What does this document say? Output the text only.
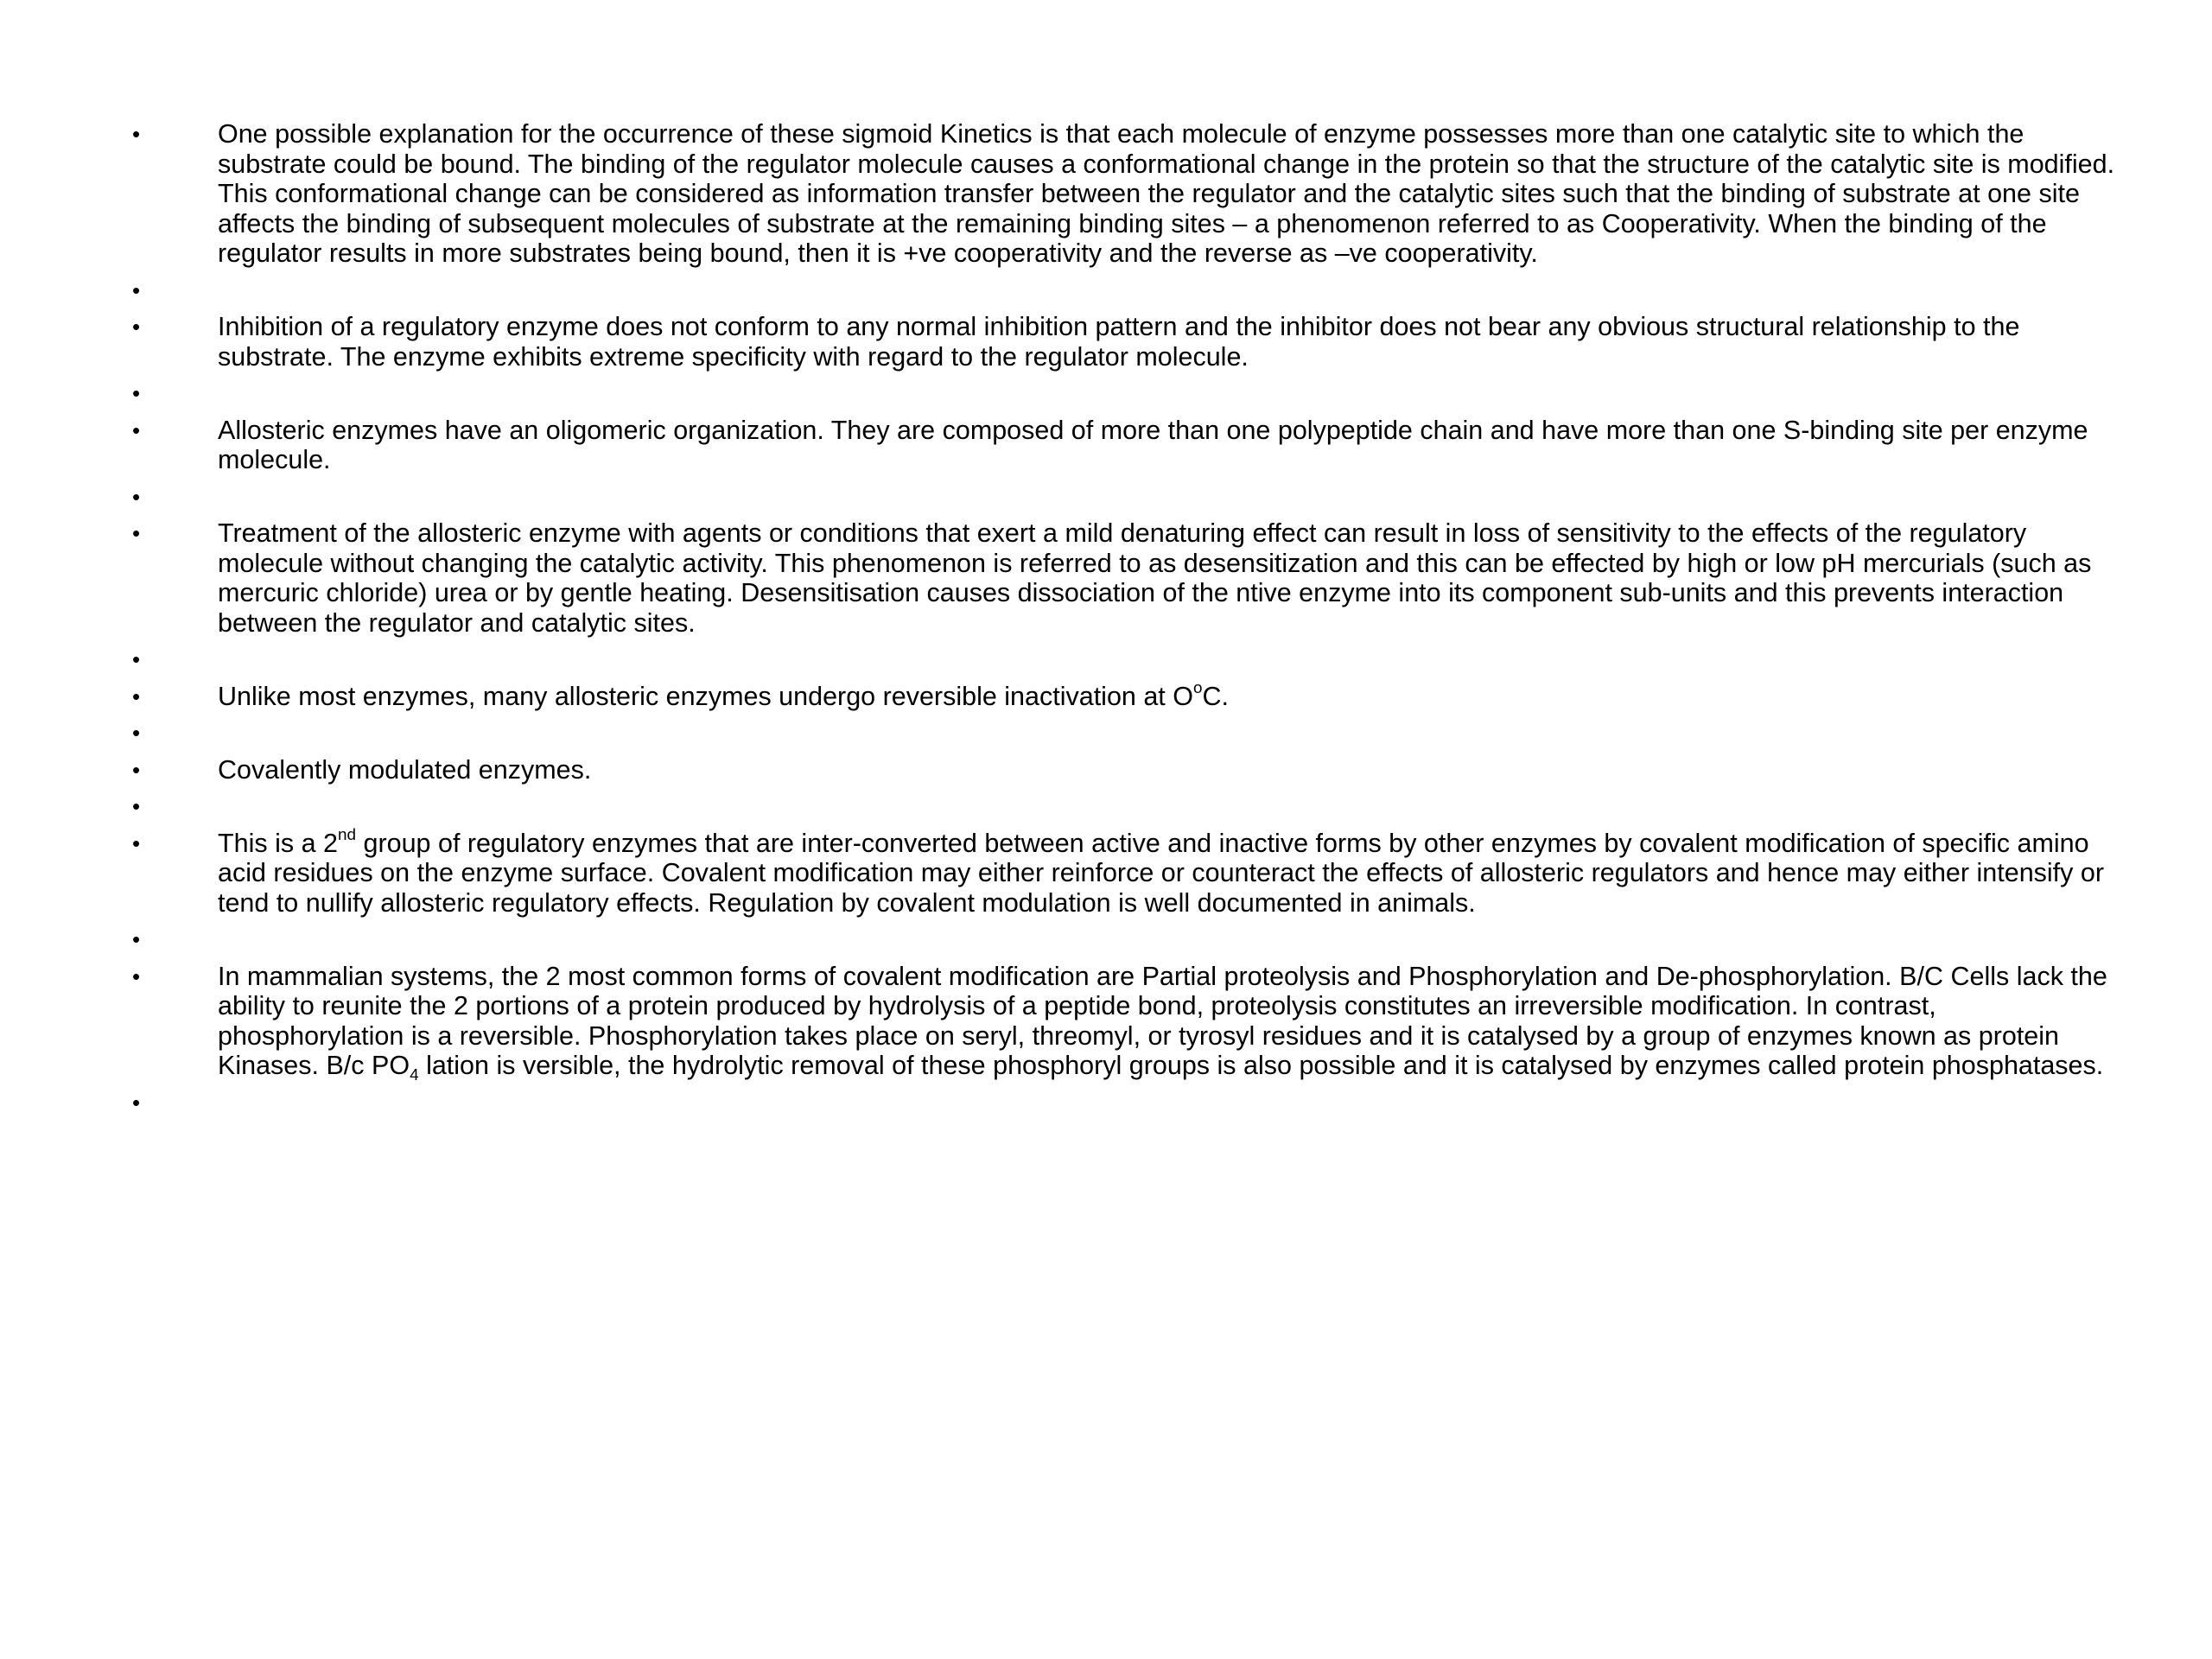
•	One possible explanation for the occurrence of these sigmoid Kinetics is that each molecule of enzyme possesses more than one catalytic site to which the substrate could be bound. The binding of the regulator molecule causes a conformational change in the protein so that the structure of the catalytic site is modified. This conformational change can be considered as information transfer between the regulator and the catalytic sites such that the binding of substrate at one site affects the binding of subsequent molecules of substrate at the remaining binding sites – a phenomenon referred to as Cooperativity. When the binding of the regulator results in more substrates being bound, then it is +ve cooperativity and the reverse as –ve cooperativity.
•
•	Inhibition of a regulatory enzyme does not conform to any normal inhibition pattern and the inhibitor does not bear any obvious structural relationship to the substrate. The enzyme exhibits extreme specificity with regard to the regulator molecule.
•
•	Allosteric enzymes have an oligomeric organization. They are composed of more than one polypeptide chain and have more than one S-binding site per enzyme molecule.
•
•	Treatment of the allosteric enzyme with agents or conditions that exert a mild denaturing effect can result in loss of sensitivity to the effects of the regulatory molecule without changing the catalytic activity. This phenomenon is referred to as desensitization and this can be effected by high or low pH mercurials (such as mercuric chloride) urea or by gentle heating. Desensitisation causes dissociation of the ntive enzyme into its component sub-units and this prevents interaction between the regulator and catalytic sites.
•
•	Unlike most enzymes, many allosteric enzymes undergo reversible inactivation at $O^oC$.
•
•	Covalently modulated enzymes.
•
•	This is a 2nd group of regulatory enzymes that are inter-converted between active and inactive forms by other enzymes by covalent modification of specific amino acid residues on the enzyme surface. Covalent modification may either reinforce or counteract the effects of allosteric regulators and hence may either intensify or tend to nullify allosteric regulatory effects. Regulation by covalent modulation is well documented in animals.
•
•	In mammalian systems, the 2 most common forms of covalent modification are Partial proteolysis and Phosphorylation and De-phosphorylation. B/C Cells lack the ability to reunite the 2 portions of a protein produced by hydrolysis of a peptide bond, proteolysis constitutes an irreversible modification. In contrast, phosphorylation is a reversible. Phosphorylation takes place on seryl, threomyl, or tyrosyl residues and it is catalysed by a group of enzymes known as protein Kinases. B/c $PO_4$ lation is versible, the hydrolytic removal of these phosphoryl groups is also possible and it is catalysed by enzymes called protein phosphatases.
•
